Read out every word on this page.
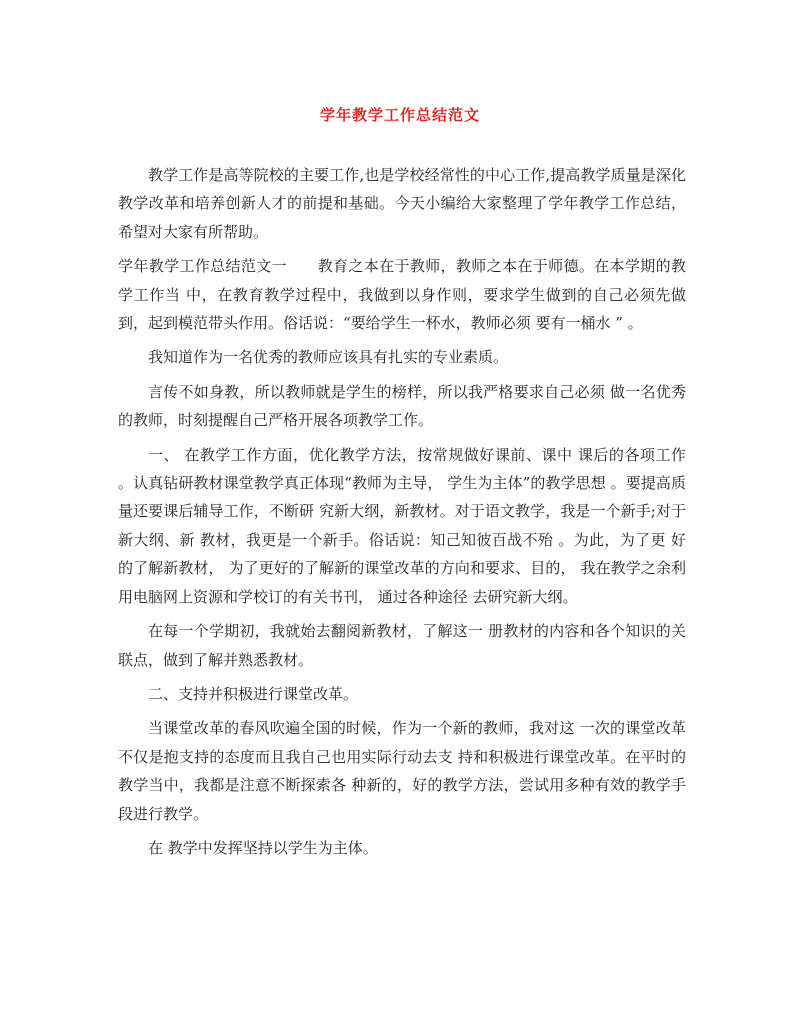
学年教学工作总结范文

教学工作是高等院校的主要工作,也是学校经常性的中心工作,提高教学质量是深化教学改革和培养创新人才的前提和基础。今天小编给大家整理了学年教学工作总结，希望对大家有所帮助。

学年教学工作总结范文一　　教育之本在于教师，教师之本在于师德。在本学期的教学工作当 中，在教育教学过程中，我做到以身作则，要求学生做到的自己必须先做到，起到模范带头作用。俗话说：“要给学生一杯水，教师必须 要有一桶水 ” 。

我知道作为一名优秀的教师应该具有扎实的专业素质。

言传不如身教，所以教师就是学生的榜样，所以我严格要求自己必须 做一名优秀的教师，时刻提醒自己严格开展各项教学工作。

一、 在教学工作方面，优化教学方法，按常规做好课前、课中 课后的各项工作 。认真钻研教材课堂教学真正体现“教师为主导， 学生为主体”的教学思想 。要提高质量还要课后辅导工作，不断研 究新大纲，新教材。对于语文教学，我是一个新手;对于新大纲、新 教材，我更是一个新手。俗话说：知己知彼百战不殆 。为此，为了更 好的了解新教材， 为了更好的了解新的课堂改革的方向和要求、目的， 我在教学之余利用电脑网上资源和学校订的有关书刊， 通过各种途径 去研究新大纲。

在每一个学期初，我就始去翻阅新教材，了解这一 册教材的内容和各个知识的关联点，做到了解并熟悉教材。

二、支持并积极进行课堂改革。

当课堂改革的春风吹遍全国的时候，作为一个新的教师，我对这 一次的课堂改革不仅是抱支持的态度而且我自己也用实际行动去支 持和积极进行课堂改革。在平时的教学当中，我都是注意不断探索各 种新的，好的教学方法，尝试用多种有效的教学手段进行教学。

在 教学中发挥坚持以学生为主体。
